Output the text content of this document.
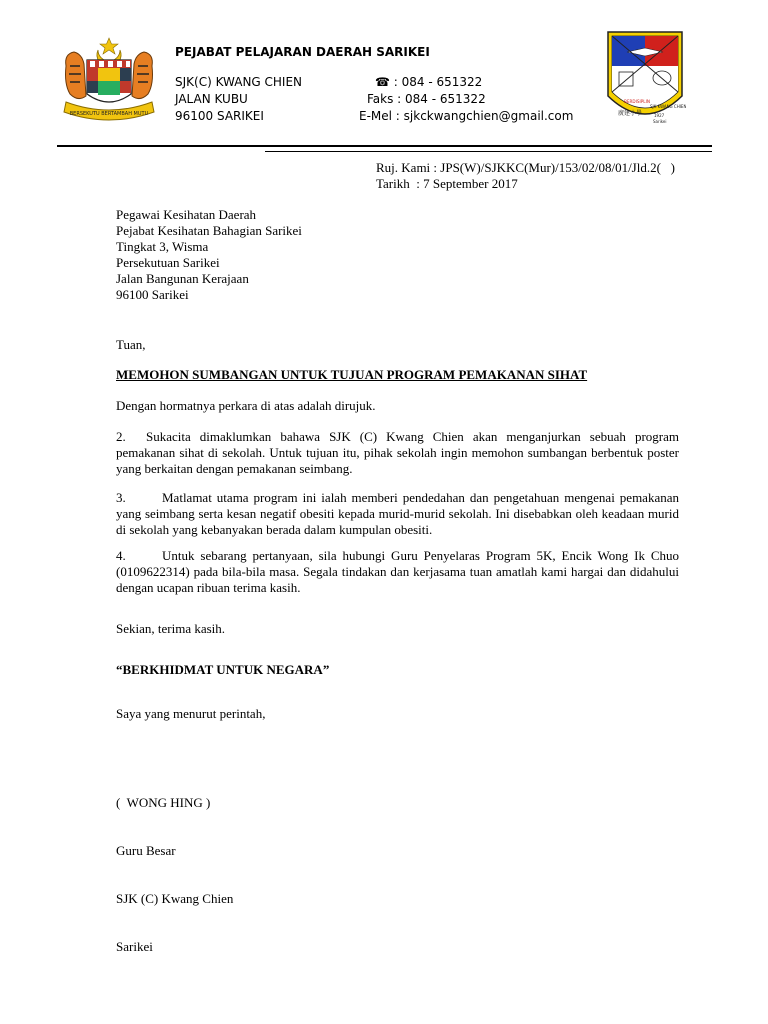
BERSEKUTU BERTAMBAH MUTU
PEJABAT PELAJARAN DAERAH SARIKEI
SJK(C) KWANG CHIEN
JALAN KUBU
96100 SARIKEI
☎ : 084 - 651322
Faks : 084 - 651322
E-Mel : sjkckwangchien@gmail.com
BERDISIPLIN
廣建小學
SJK KWANG CHIEN
1927
Sarikei
Ruj. Kami : JPS(W)/SJKKC(Mur)/153/02/08/01/Jld.2(   )
Tarikh  : 7 September 2017
Pegawai Kesihatan Daerah
Pejabat Kesihatan Bahagian Sarikei
Tingkat 3, Wisma
Persekutuan Sarikei
Jalan Bangunan Kerajaan
96100 Sarikei
Tuan,
MEMOHON SUMBANGAN UNTUK TUJUAN PROGRAM PEMAKANAN SIHAT
Dengan hormatnya perkara di atas adalah dirujuk.
2. Sukacita dimaklumkan bahawa SJK (C) Kwang Chien akan menganjurkan sebuah program pemakanan sihat di sekolah. Untuk tujuan itu, pihak sekolah ingin memohon sumbangan berbentuk poster yang berkaitan dengan pemakanan seimbang.
3.	Matlamat utama program ini ialah memberi pendedahan dan pengetahuan mengenai pemakanan yang seimbang serta kesan negatif obesiti kepada murid-murid sekolah. Ini disebabkan oleh keadaan murid di sekolah yang kebanyakan berada dalam kumpulan obesiti.
4.	Untuk sebarang pertanyaan, sila hubungi Guru Penyelaras Program 5K, Encik Wong Ik Chuo (0109622314) pada bila-bila masa. Segala tindakan dan kerjasama tuan amatlah kami hargai dan didahului dengan ucapan ribuan terima kasih.
Sekian, terima kasih.
“BERKHIDMAT UNTUK NEGARA”
Saya yang menurut perintah,

(  WONG HING )

Guru Besar

SJK (C) Kwang Chien

Sarikei
